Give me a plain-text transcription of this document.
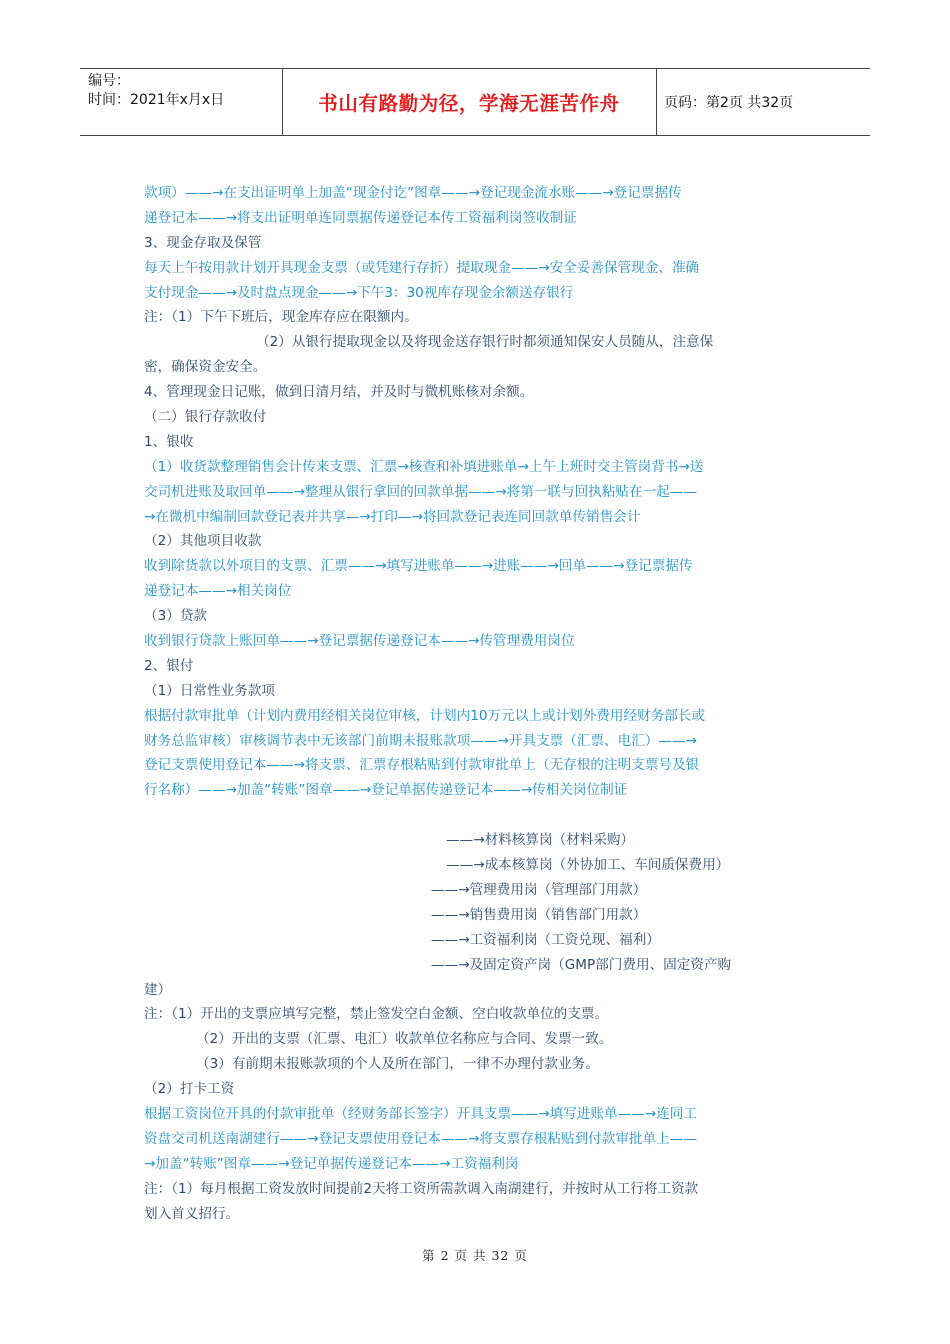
编号：
时间：2021年x月x日	书山有路勤为径，学海无涯苦作舟	页码：第2页 共32页
款项）——→在支出证明单上加盖“现金付讫”图章——→登记现金流水账——→登记票据传
递登记本——→将支出证明单连同票据传递登记本传工资福利岗签收制证
3、现金存取及保管
每天上午按用款计划开具现金支票（或凭建行存折）提取现金——→安全妥善保管现金、准确
支付现金——→及时盘点现金——→下午3：30视库存现金余额送存银行
注：（1）下午下班后，现金库存应在限额内。
（2）从银行提取现金以及将现金送存银行时都须通知保安人员随从，注意保
密，确保资金安全。
4、管理现金日记账，做到日清月结，并及时与微机账核对余额。
（二）银行存款收付
1、银收
（1）收货款整理销售会计传来支票、汇票→核查和补填进账单→上午上班时交主管岗背书→送
交司机进账及取回单——→整理从银行拿回的回款单据——→将第一联与回执粘贴在一起——
→在微机中编制回款登记表并共享—→打印—→将回款登记表连同回款单传销售会计
（2）其他项目收款
收到除货款以外项目的支票、汇票——→填写进账单——→进账——→回单——→登记票据传
递登记本——→相关岗位
（3）贷款
收到银行贷款上账回单——→登记票据传递登记本——→传管理费用岗位
2、银付
（1）日常性业务款项
根据付款审批单（计划内费用经相关岗位审核，计划内10万元以上或计划外费用经财务部长或
财务总监审核）审核调节表中无该部门前期未报账款项——→开具支票（汇票、电汇）——→
登记支票使用登记本——→将支票、汇票存根粘贴到付款审批单上（无存根的注明支票号及银
行名称）——→加盖“转账”图章——→登记单据传递登记本——→传相关岗位制证
——→材料核算岗（材料采购）
——→成本核算岗（外协加工、车间质保费用）
——→管理费用岗（管理部门用款）
——→销售费用岗（销售部门用款）
——→工资福利岗（工资兑现、福利）
——→及固定资产岗（GMP部门费用、固定资产购
建）
注：（1）开出的支票应填写完整，禁止签发空白金额、空白收款单位的支票。
（2）开出的支票（汇票、电汇）收款单位名称应与合同、发票一致。
（3）有前期未报账款项的个人及所在部门，一律不办理付款业务。
（2）打卡工资
根据工资岗位开具的付款审批单（经财务部长签字）开具支票——→填写进账单——→连同工
资盘交司机送南湖建行——→登记支票使用登记本——→将支票存根粘贴到付款审批单上——
→加盖“转账”图章——→登记单据传递登记本——→工资福利岗
注：（1）每月根据工资发放时间提前2天将工资所需款调入南湖建行，并按时从工行将工资款
划入首义招行。
第 2 页 共 32 页
